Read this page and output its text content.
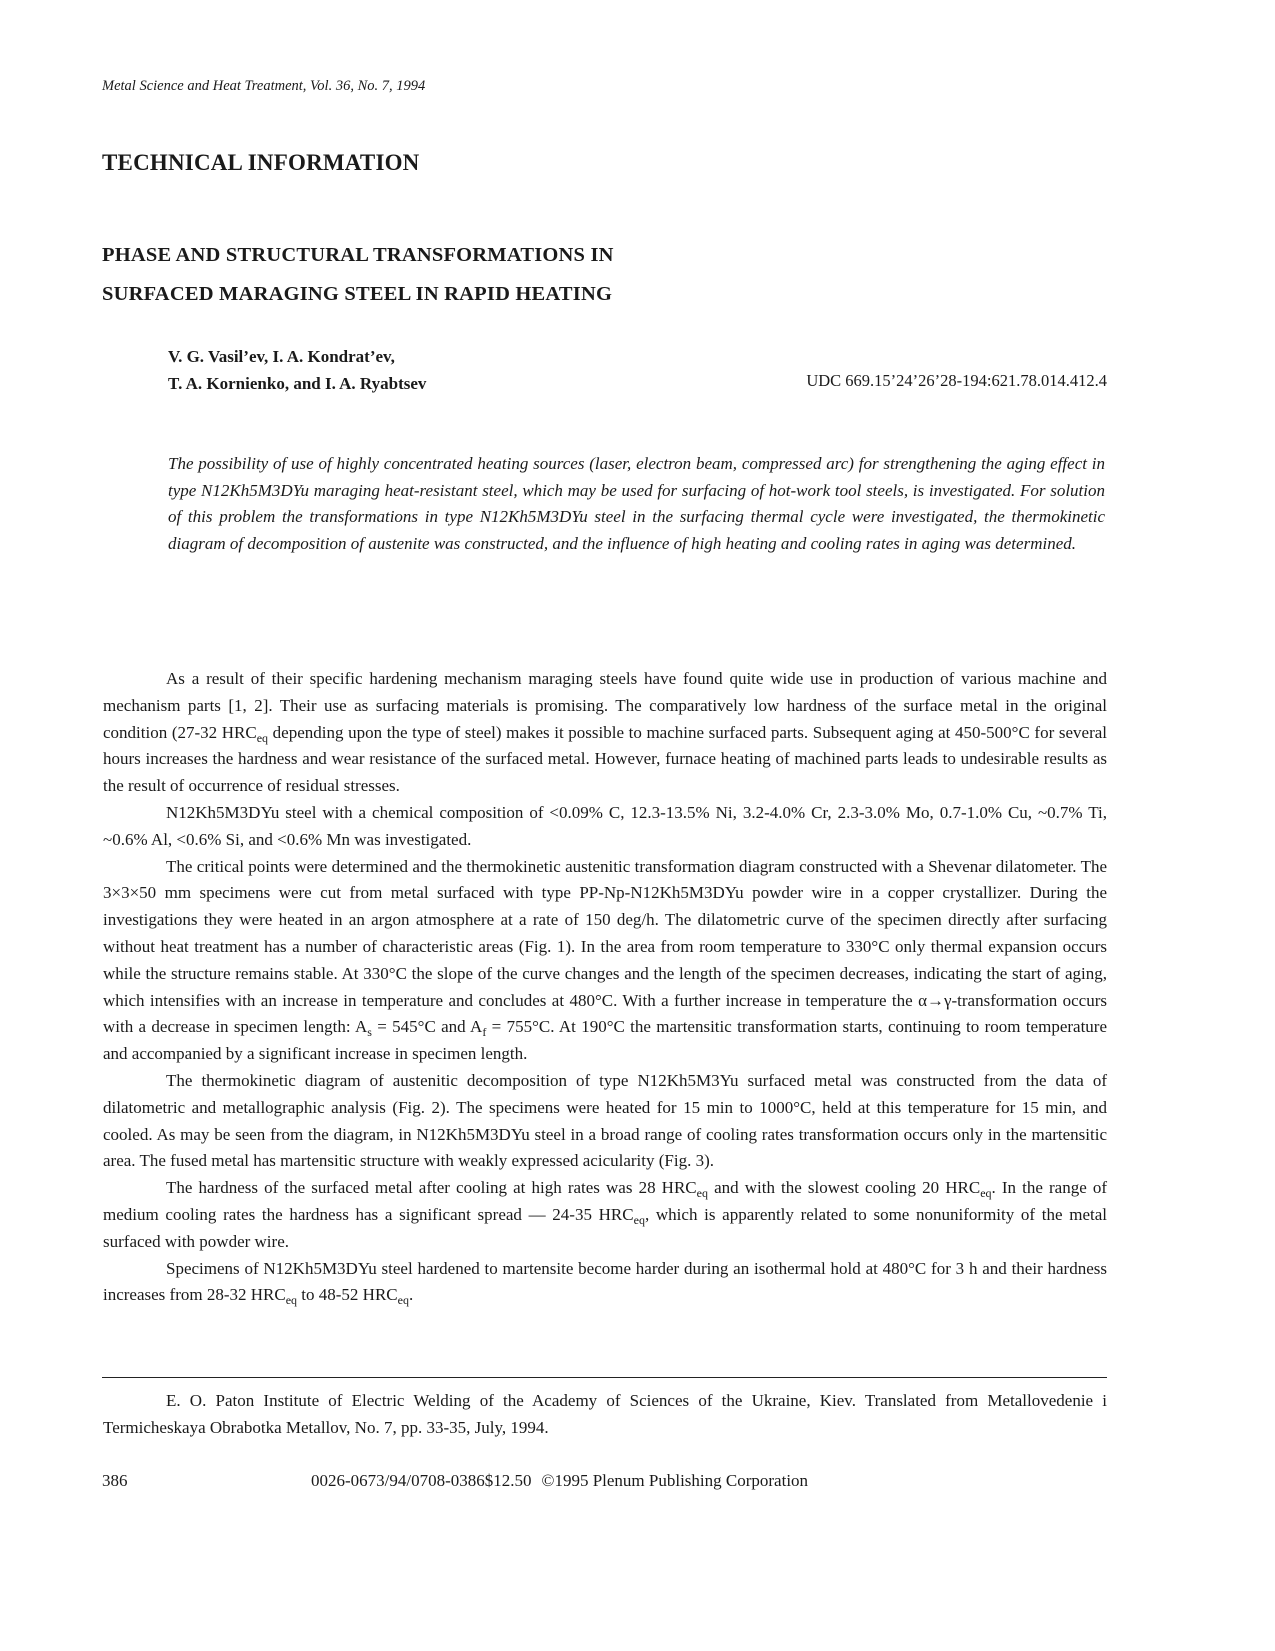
Metal Science and Heat Treatment, Vol. 36, No. 7, 1994
TECHNICAL INFORMATION
PHASE AND STRUCTURAL TRANSFORMATIONS IN
SURFACED MARAGING STEEL IN RAPID HEATING
V. G. Vasil’ev, I. A. Kondrat’ev,
T. A. Kornienko, and I. A. Ryabtsev	UDC 669.15’24’26’28-194:621.78.014.412.4
The possibility of use of highly concentrated heating sources (laser, electron beam, compressed arc) for strengthening the aging effect in type N12Kh5M3DYu maraging heat-resistant steel, which may be used for surfacing of hot-work tool steels, is investigated. For solution of this problem the transformations in type N12Kh5M3DYu steel in the surfacing thermal cycle were investigated, the thermokinetic diagram of decomposition of austenite was constructed, and the influence of high heating and cooling rates in aging was determined.

As a result of their specific hardening mechanism maraging steels have found quite wide use in production of various machine and mechanism parts [1, 2]. Their use as surfacing materials is promising. The comparatively low hardness of the surface metal in the original condition (27-32 $HRC_{eq}$ depending upon the type of steel) makes it possible to machine surfaced parts. Subsequent aging at 450-500°C for several hours increases the hardness and wear resistance of the surfaced metal. However, furnace heating of machined parts leads to undesirable results as the result of occurrence of residual stresses.

N12Kh5M3DYu steel with a chemical composition of <0.09% C, 12.3-13.5% Ni, 3.2-4.0% Cr, 2.3-3.0% Mo, 0.7-1.0% Cu, ~0.7% Ti, ~0.6% Al, <0.6% Si, and <0.6% Mn was investigated.

The critical points were determined and the thermokinetic austenitic transformation diagram constructed with a Shevenar dilatometer. The 3×3×50 mm specimens were cut from metal surfaced with type PP-Np-N12Kh5M3DYu powder wire in a copper crystallizer. During the investigations they were heated in an argon atmosphere at a rate of 150 deg/h. The dilatometric curve of the specimen directly after surfacing without heat treatment has a number of characteristic areas (Fig. 1). In the area from room temperature to 330°C only thermal expansion occurs while the structure remains stable. At 330°C the slope of the curve changes and the length of the specimen decreases, indicating the start of aging, which intensifies with an increase in temperature and concludes at 480°C. With a further increase in temperature the α→γ-transformation occurs with a decrease in specimen length: $A_s = 545^\circ C$ and $A_f = 755^\circ C$. At 190°C the martensitic transformation starts, continuing to room temperature and accompanied by a significant increase in specimen length.

The thermokinetic diagram of austenitic decomposition of type N12Kh5M3Yu surfaced metal was constructed from the data of dilatometric and metallographic analysis (Fig. 2). The specimens were heated for 15 min to 1000°C, held at this temperature for 15 min, and cooled. As may be seen from the diagram, in N12Kh5M3DYu steel in a broad range of cooling rates transformation occurs only in the martensitic area. The fused metal has martensitic structure with weakly expressed acicularity (Fig. 3).

The hardness of the surfaced metal after cooling at high rates was 28 $HRC_{eq}$ and with the slowest cooling 20 $HRC_{eq}$. In the range of medium cooling rates the hardness has a significant spread — 24-35 $HRC_{eq}$, which is apparently related to some nonuniformity of the metal surfaced with powder wire.

Specimens of N12Kh5M3DYu steel hardened to martensite become harder during an isothermal hold at 480°C for 3 h and their hardness increases from 28-32 $HRC_{eq}$ to 48-52 $HRC_{eq}$.

E. O. Paton Institute of Electric Welding of the Academy of Sciences of the Ukraine, Kiev. Translated from Metallovedenie i Termicheskaya Obrabotka Metallov, No. 7, pp. 33-35, July, 1994.

386	0026-0673/94/0708-0386$12.50 ©1995 Plenum Publishing Corporation
